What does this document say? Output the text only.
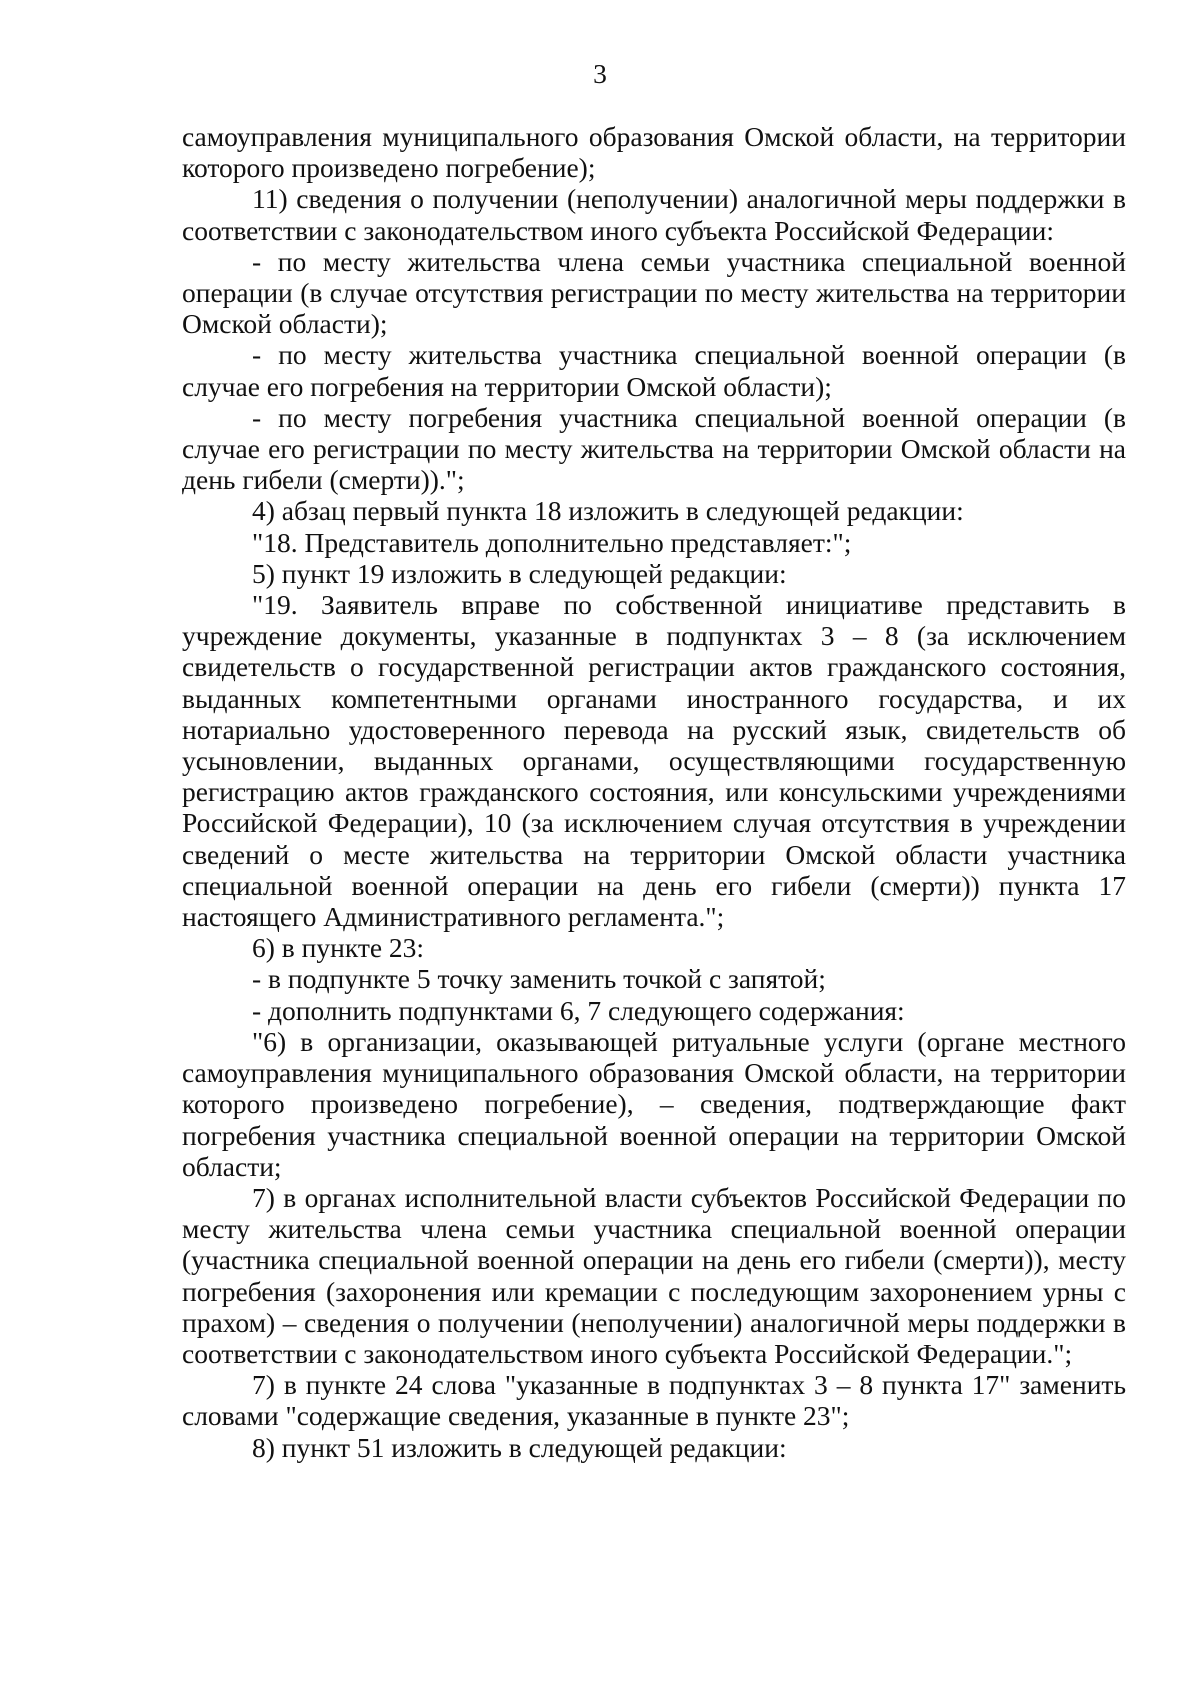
3

самоуправления муниципального образования Омской области, на территории которого произведено погребение);

11) сведения о получении (неполучении) аналогичной меры поддержки в соответствии с законодательством иного субъекта Российской Федерации:

- по месту жительства члена семьи участника специальной военной операции (в случае отсутствия регистрации по месту жительства на территории Омской области);

- по месту жительства участника специальной военной операции (в случае его погребения на территории Омской области);

- по месту погребения участника специальной военной операции (в случае его регистрации по месту жительства на территории Омской области на день гибели (смерти)).";

4) абзац первый пункта 18 изложить в следующей редакции:

"18. Представитель дополнительно представляет:";

5) пункт 19 изложить в следующей редакции:

"19. Заявитель вправе по собственной инициативе представить в учреждение документы, указанные в подпунктах 3 – 8 (за исключением свидетельств о государственной регистрации актов гражданского состояния, выданных компетентными органами иностранного государства, и их нотариально удостоверенного перевода на русский язык, свидетельств об усыновлении, выданных органами, осуществляющими государственную регистрацию актов гражданского состояния, или консульскими учреждениями Российской Федерации), 10 (за исключением случая отсутствия в учреждении сведений о месте жительства на территории Омской области участника специальной военной операции на день его гибели (смерти)) пункта 17 настоящего Административного регламента.";

6) в пункте 23:

- в подпункте 5 точку заменить точкой с запятой;

- дополнить подпунктами 6, 7 следующего содержания:

"6) в организации, оказывающей ритуальные услуги (органе местного самоуправления муниципального образования Омской области, на территории которого произведено погребение), – сведения, подтверждающие факт погребения участника специальной военной операции на территории Омской области;

7) в органах исполнительной власти субъектов Российской Федерации по месту жительства члена семьи участника специальной военной операции (участника специальной военной операции на день его гибели (смерти)), месту погребения (захоронения или кремации с последующим захоронением урны с прахом) – сведения о получении (неполучении) аналогичной меры поддержки в соответствии с законодательством иного субъекта Российской Федерации.";

7) в пункте 24 слова "указанные в подпунктах 3 – 8 пункта 17" заменить словами "содержащие сведения, указанные в пункте 23";

8) пункт 51 изложить в следующей редакции:
